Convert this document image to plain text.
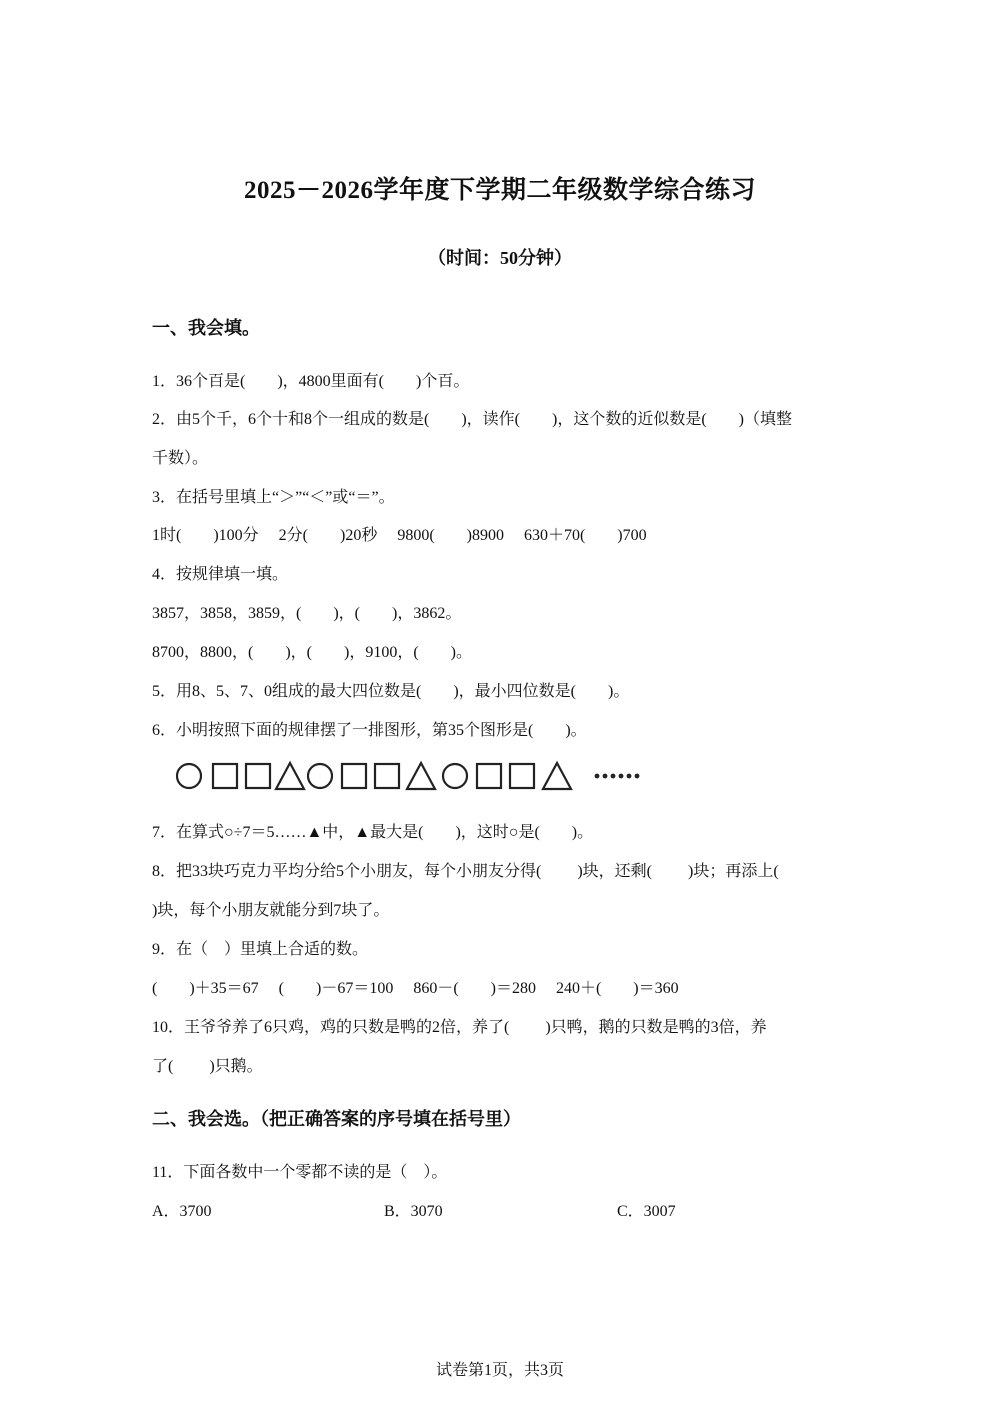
2025－2026学年度下学期二年级数学综合练习
（时间：50分钟）
一、我会填。
1．36个百是(　　)，4800里面有(　　)个百。
2．由5个千，6个十和8个一组成的数是(　　)，读作(　　)，这个数的近似数是(　　)（填整
千数）。
3．在括号里填上“＞”“＜”或“＝”。
1时(　　)100分　 2分(　　)20秒　 9800(　　)8900　 630＋70(　　)700
4．按规律填一填。
3857，3858，3859，(　　)，(　　)，3862。
8700，8800，(　　)，(　　)，9100，(　　)。
5．用8、5、7、0组成的最大四位数是(　　)，最小四位数是(　　)。
6．小明按照下面的规律摆了一排图形，第35个图形是(　　)。
7．在算式○÷7＝5……▲中，▲最大是(　　)，这时○是(　　)。
8．把33块巧克力平均分给5个小朋友，每个小朋友分得(　　 )块，还剩(　　 )块；再添上(
)块，每个小朋友就能分到7块了。
9．在（　）里填上合适的数。
(　　)＋35＝67　 (　　)－67＝100　 860－(　　)＝280　 240＋(　　)＝360
10．王爷爷养了6只鸡，鸡的只数是鸭的2倍，养了(　　 )只鸭，鹅的只数是鸭的3倍，养
了(　　 )只鹅。
二、我会选。（把正确答案的序号填在括号里）
11．下面各数中一个零都不读的是（　）。
A．3700	B．3070	C．3007
试卷第1页，共3页
